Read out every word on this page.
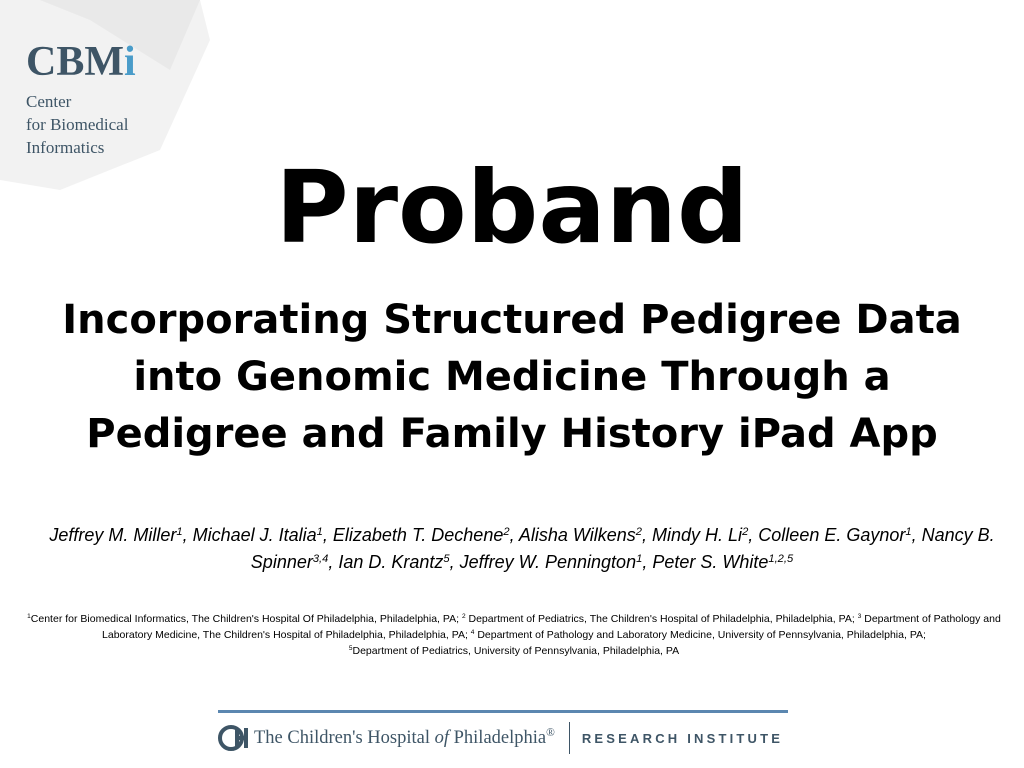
CBMi
Center
for Biomedical
Informatics
Proband
Incorporating Structured Pedigree Data into Genomic Medicine Through a Pedigree and Family History iPad App
Jeffrey M. Miller$^1$, Michael J. Italia$^1$, Elizabeth T. Dechene$^2$, Alisha Wilkens$^2$, Mindy H. Li$^2$, Colleen E. Gaynor$^1$, Nancy B. Spinner$^{3,4}$, Ian D. Krantz$^5$, Jeffrey W. Pennington$^1$, Peter S. White$^{1,2,5}$
$^1$Center for Biomedical Informatics, The Children's Hospital Of Philadelphia, Philadelphia, PA; $^2$ Department of Pediatrics, The Children's Hospital of Philadelphia, Philadelphia, PA; $^3$ Department of Pathology and Laboratory Medicine, The Children's Hospital of Philadelphia, Philadelphia, PA; $^4$ Department of Pathology and Laboratory Medicine, University of Pennsylvania, Philadelphia, PA;
$^5$Department of Pediatrics, University of Pennsylvania, Philadelphia, PA
The Children's Hospital of Philadelphia® RESEARCH INSTITUTE
